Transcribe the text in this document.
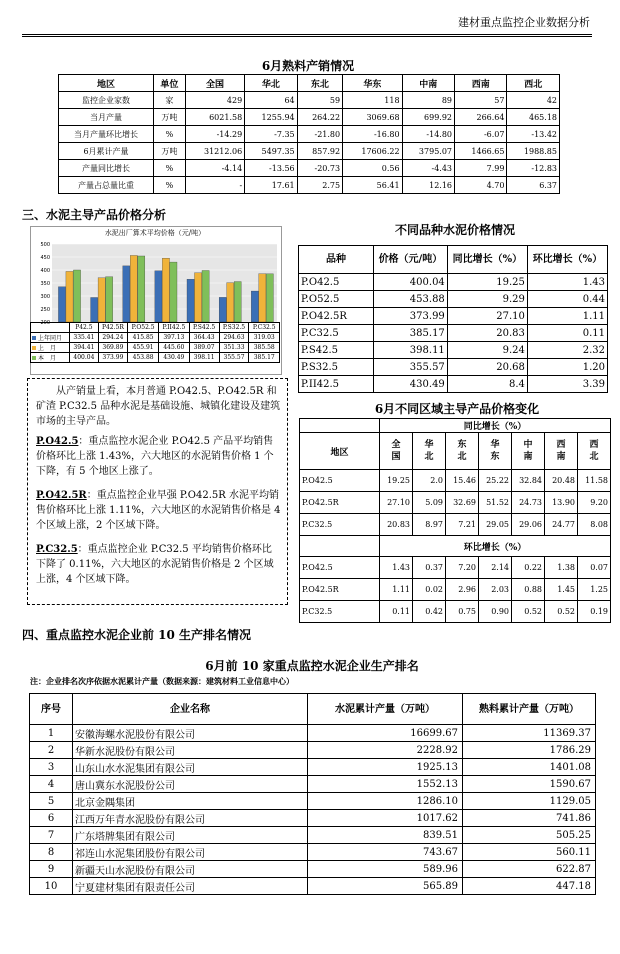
建材重点监控企业数据分析
6月熟料产销情况
地区	单位	全国	华北	东北	华东	中南	西南	西北
监控企业家数	家	429	64	59	118	89	57	42
当月产量	万吨	6021.58	1255.94	264.22	3069.68	699.92	266.64	465.18
当月产量环比增长	%	-14.29	-7.35	-21.80	-16.80	-14.80	-6.07	-13.42
6月累计产量	万吨	31212.06	5497.35	857.92	17606.22	3795.07	1466.65	1988.85
产量同比增长	%	-4.14	-13.56	-20.73	0.56	-4.43	7.99	-12.83
产量占总量比重	%	-	17.61	2.75	56.41	12.16	4.70	6.37
三、水泥主导产品价格分析
水泥出厂算术平均价格（元/吨）
500
450
400
350
300
250
200
	P42.5	P42.5R	P.O52.5	P.II42.5	P.S42.5	P.S32.5	P.C32.5
上年同月	335.41	294.24	415.85	397.13	364.43	294.63	319.03
上　月	394.41	369.89	455.91	445.60	389.07	351.33	385.58
本　月	400.04	373.99	453.88	430.49	398.11	355.57	385.17
从产销量上看，本月普通 P.O42.5、P.O42.5R 和矿渣 P.C32.5 品种水泥是基础设施、城镇化建设及建筑市场的主导产品。
P.O42.5：重点监控水泥企业 P.O42.5 产品平均销售价格环比上涨 1.43%，六大地区的水泥销售价格 1 个下降，有 5 个地区上涨了。
P.O42.5R：重点监控企业早强 P.O42.5R 水泥平均销售价格环比上涨 1.11%，六大地区的水泥销售价格是 4 个区域上涨，2 个区域下降。
P.C32.5：重点监控企业 P.C32.5 平均销售价格环比下降了 0.11%，六大地区的水泥销售价格是 2 个区域上涨，4 个区域下降。
不同品种水泥价格情况
品种	价格（元/吨）	同比增长（%）	环比增长（%）
P.O42.5	400.04	19.25	1.43
P.O52.5	453.88	9.29	0.44
P.O42.5R	373.99	27.10	1.11
P.C32.5	385.17	20.83	0.11
P.S42.5	398.11	9.24	2.32
P.S32.5	355.57	20.68	1.20
P.II42.5	430.49	8.4	3.39
6月不同区域主导产品价格变化
	同比增长（%）						
地区	全国	华北	东北	华东	中南	西南	西北
P.O42.5	19.25	2.0	15.46	25.22	32.84	20.48	11.58
P.O42.5R	27.10	5.09	32.69	51.52	24.73	13.90	9.20
P.C32.5	20.83	8.97	7.21	29.05	29.06	24.77	8.08
	环比增长（%）						
P.O42.5	1.43	0.37	7.20	2.14	0.22	1.38	0.07
P.O42.5R	1.11	0.02	2.96	2.03	0.88	1.45	1.25
P.C32.5	0.11	0.42	0.75	0.90	0.52	0.52	0.19
四、重点监控水泥企业前 10 生产排名情况
6月前 10 家重点监控水泥企业生产排名
注：企业排名次序依据水泥累计产量（数据来源：建筑材料工业信息中心）
序号	企业名称	水泥累计产量（万吨）	熟料累计产量（万吨）
1	安徽海螺水泥股份有限公司	16699.67	11369.37
2	华新水泥股份有限公司	2228.92	1786.29
3	山东山水水泥集团有限公司	1925.13	1401.08
4	唐山冀东水泥股份公司	1552.13	1590.67
5	北京金隅集团	1286.10	1129.05
6	江西万年青水泥股份有限公司	1017.62	741.86
7	广东塔牌集团有限公司	839.51	505.25
8	祁连山水泥集团股份有限公司	743.67	560.11
9	新疆天山水泥股份有限公司	589.96	622.87
10	宁夏建材集团有限责任公司	565.89	447.18
